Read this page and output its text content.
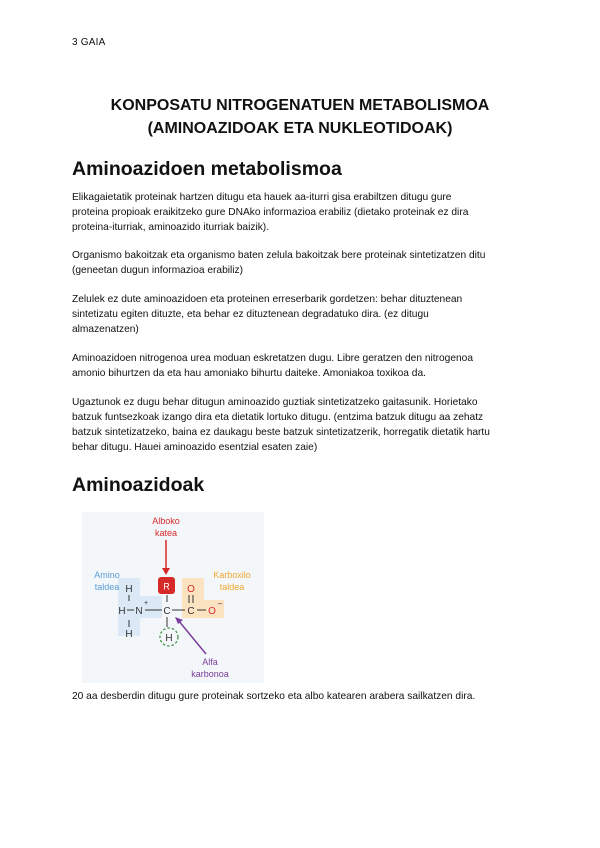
3 GAIA
KONPOSATU NITROGENATUEN METABOLISMOA
(AMINOAZIDOAK ETA NUKLEOTIDOAK)
Aminoazidoen metabolismoa
Elikagaietatik proteinak hartzen ditugu eta hauek aa-iturri gisa erabiltzen ditugu gure
proteina propioak eraikitzeko gure DNAko informazioa erabiliz (dietako proteinak ez dira
proteina-iturriak, aminoazido iturriak baizik).
Organismo bakoitzak eta organismo baten zelula bakoitzak bere proteinak sintetizatzen ditu
(geneetan dugun informazioa erabiliz)
Zelulek ez dute aminoazidoen eta proteinen erreserbarik gordetzen: behar dituztenean
sintetizatu egiten dituzte, eta behar ez dituztenean degradatuko dira. (ez ditugu
almazenatzen)
Aminoazidoen nitrogenoa urea moduan eskretatzen dugu. Libre geratzen den nitrogenoa
amonio bihurtzen da eta hau amoniako bihurtu daiteke. Amoniakoa toxikoa da.
Ugaztunok ez dugu behar ditugun aminoazido guztiak sintetizatzeko gaitasunik. Horietako
batzuk funtsezkoak izango dira eta dietatik lortuko ditugu. (entzima batzuk ditugu aa zehatz
batzuk sintetizatzeko, baina ez daukagu beste batzuk sintetizatzerik, horregatik dietatik hartu
behar ditugu. Hauei aminoazido esentzial esaten zaie)
Aminoazidoak
Alboko
katea
Amino
taldea
Karboxilo
taldea
R
H
H N
+
H
C
H
C
O
O
–
Alfa
karbonoa
20 aa desberdin ditugu gure proteinak sortzeko eta albo katearen arabera sailkatzen dira.
